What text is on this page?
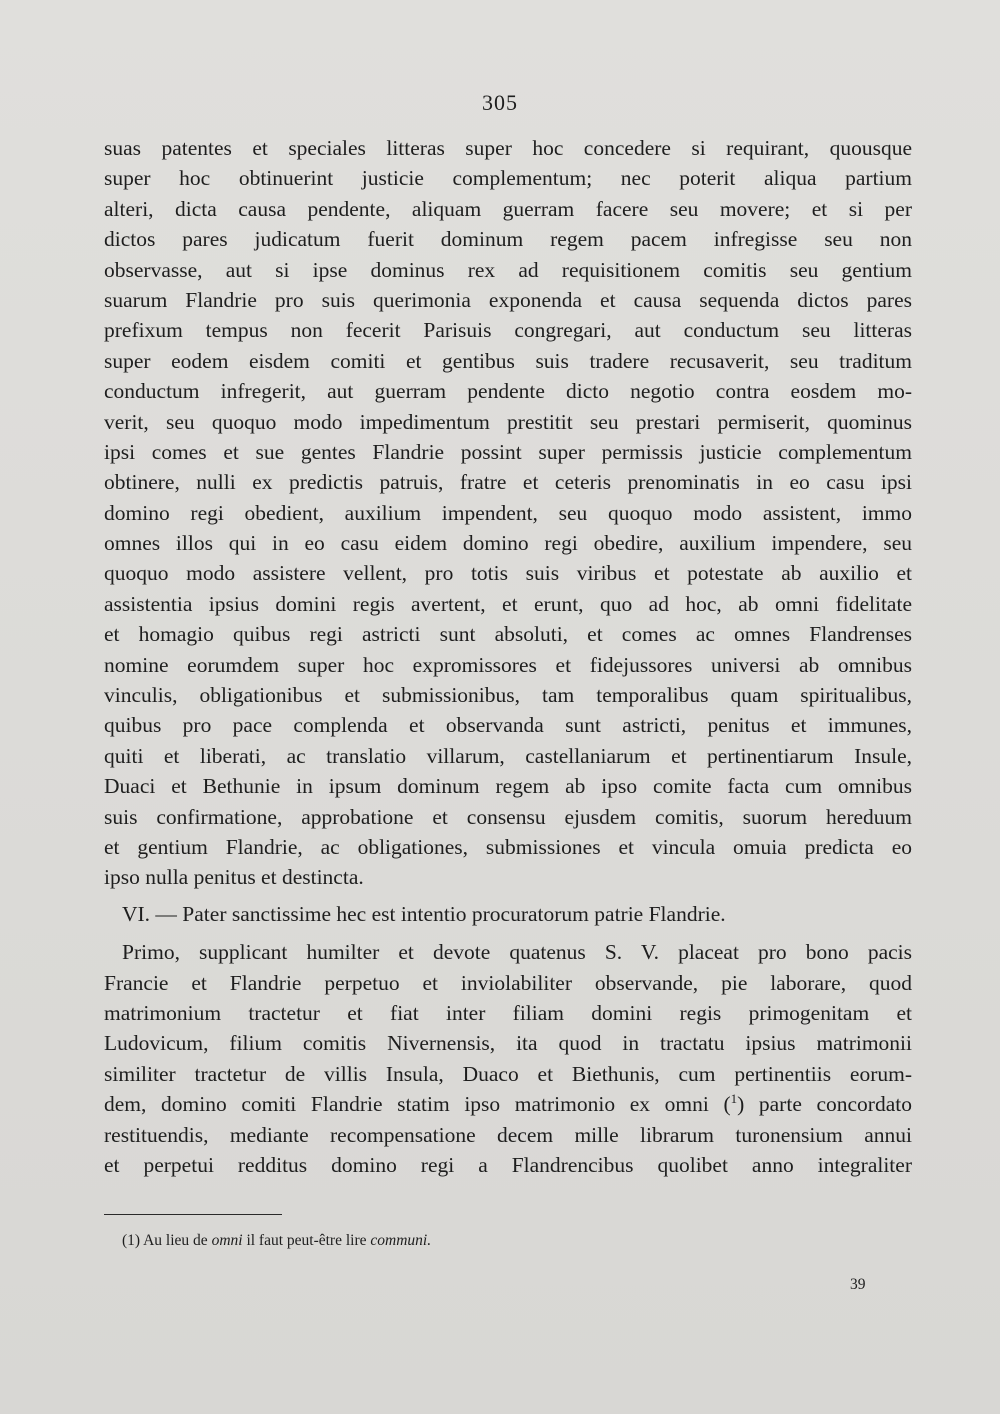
305
suas patentes et speciales litteras super hoc concedere si requirant, quousque
super hoc obtinuerint justicie complementum; nec poterit aliqua partium
alteri, dicta causa pendente, aliquam guerram facere seu movere; et si per
dictos pares judicatum fuerit dominum regem pacem infregisse seu non
observasse, aut si ipse dominus rex ad requisitionem comitis seu gentium
suarum Flandrie pro suis querimonia exponenda et causa sequenda dictos pares
prefixum tempus non fecerit Parisuis congregari, aut conductum seu litteras
super eodem eisdem comiti et gentibus suis tradere recusaverit, seu traditum
conductum infregerit, aut guerram pendente dicto negotio contra eosdem mo-
verit, seu quoquo modo impedimentum prestitit seu prestari permiserit, quominus
ipsi comes et sue gentes Flandrie possint super permissis justicie complementum
obtinere, nulli ex predictis patruis, fratre et ceteris prenominatis in eo casu ipsi
domino regi obedient, auxilium impendent, seu quoquo modo assistent, immo
omnes illos qui in eo casu eidem domino regi obedire, auxilium impendere, seu
quoquo modo assistere vellent, pro totis suis viribus et potestate ab auxilio et
assistentia ipsius domini regis avertent, et erunt, quo ad hoc, ab omni fidelitate
et homagio quibus regi astricti sunt absoluti, et comes ac omnes Flandrenses
nomine eorumdem super hoc expromissores et fidejussores universi ab omnibus
vinculis, obligationibus et submissionibus, tam temporalibus quam spiritualibus,
quibus pro pace complenda et observanda sunt astricti, penitus et immunes,
quiti et liberati, ac translatio villarum, castellaniarum et pertinentiarum Insule,
Duaci et Bethunie in ipsum dominum regem ab ipso comite facta cum omnibus
suis confirmatione, approbatione et consensu ejusdem comitis, suorum hereduum
et gentium Flandrie, ac obligationes, submissiones et vincula omuia predicta eo
ipso nulla penitus et destincta.
VI. — Pater sanctissime hec est intentio procuratorum patrie Flandrie.
Primo, supplicant humilter et devote quatenus S. V. placeat pro bono pacis
Francie et Flandrie perpetuo et inviolabiliter observande, pie laborare, quod
matrimonium tractetur et fiat inter filiam domini regis primogenitam et
Ludovicum, filium comitis Nivernensis, ita quod in tractatu ipsius matrimonii
similiter tractetur de villis Insula, Duaco et Biethunis, cum pertinentiis eorum-
dem, domino comiti Flandrie statim ipso matrimonio ex omni ($^1$) parte concordato
restituendis, mediante recompensatione decem mille librarum turonensium annui
et perpetui redditus domino regi a Flandrencibus quolibet anno integraliter
(1) Au lieu de omni il faut peut-être lire communi.
39
